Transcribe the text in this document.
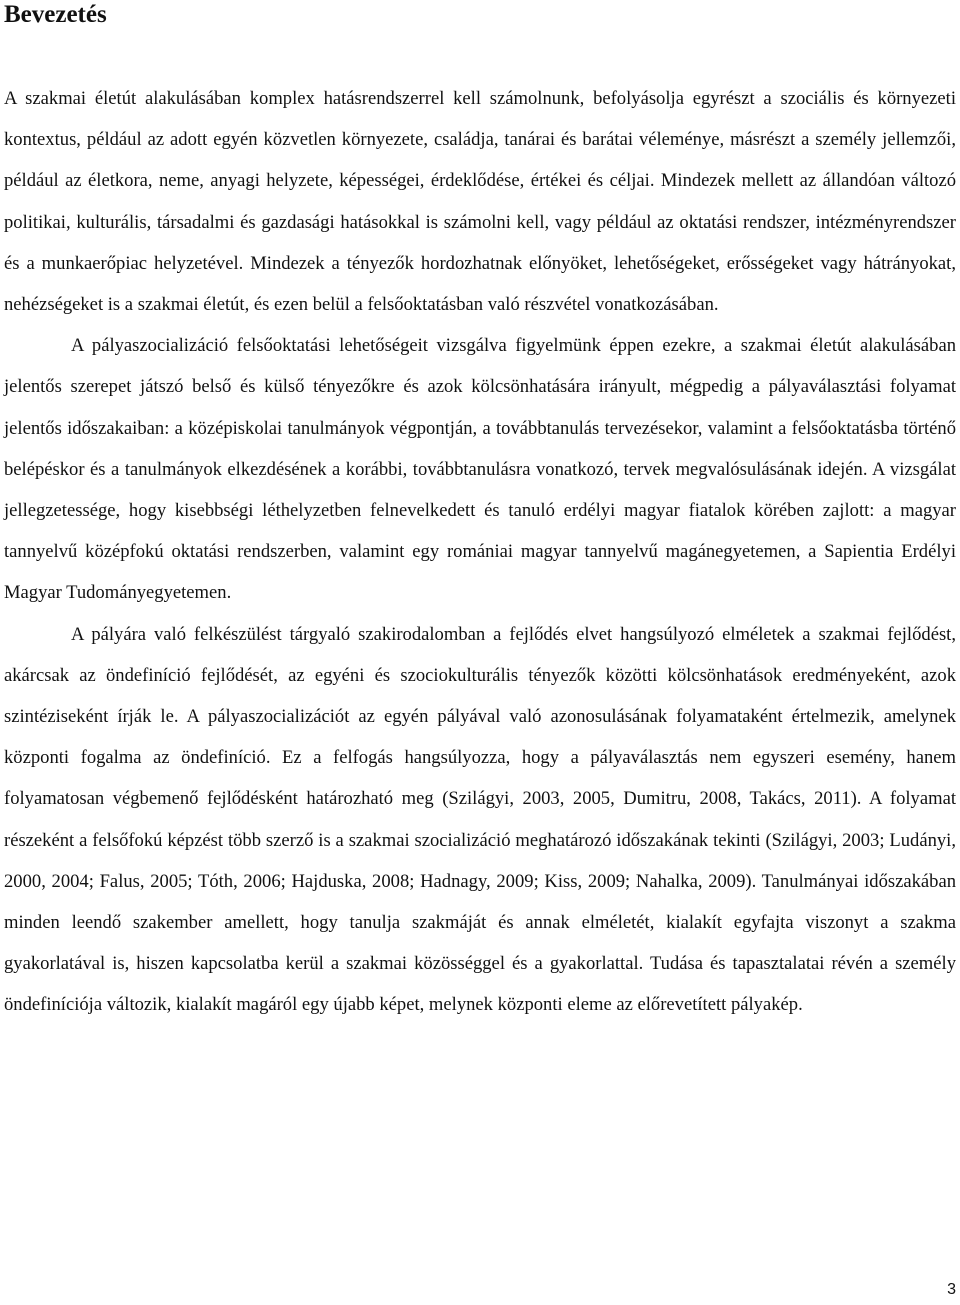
Bevezetés

A szakmai életút alakulásában komplex hatásrendszerrel kell számolnunk, befolyásolja egyrészt a szociális és környezeti kontextus, például az adott egyén közvetlen környezete, családja, tanárai és barátai véleménye, másrészt a személy jellemzői, például az életkora, neme, anyagi helyzete, képességei, érdeklődése, értékei és céljai. Mindezek mellett az állandóan változó politikai, kulturális, társadalmi és gazdasági hatásokkal is számolni kell, vagy például az oktatási rendszer, intézményrendszer és a munkaerőpiac helyzetével. Mindezek a tényezők hordozhatnak előnyöket, lehetőségeket, erősségeket vagy hátrányokat, nehézségeket is a szakmai életút, és ezen belül a felsőoktatásban való részvétel vonatkozásában.

A pályaszocializáció felsőoktatási lehetőségeit vizsgálva figyelmünk éppen ezekre, a szakmai életút alakulásában jelentős szerepet játszó belső és külső tényezőkre és azok kölcsönhatására irányult, mégpedig a pályaválasztási folyamat jelentős időszakaiban: a középiskolai tanulmányok végpontján, a továbbtanulás tervezésekor, valamint a felsőoktatásba történő belépéskor és a tanulmányok elkezdésének a korábbi, továbbtanulásra vonatkozó, tervek megvalósulásának idején. A vizsgálat jellegzetessége, hogy kisebbségi léthelyzetben felnevelkedett és tanuló erdélyi magyar fiatalok körében zajlott: a magyar tannyelvű középfokú oktatási rendszerben, valamint egy romániai magyar tannyelvű magánegyetemen, a Sapientia Erdélyi Magyar Tudományegyetemen.

A pályára való felkészülést tárgyaló szakirodalomban a fejlődés elvet hangsúlyozó elméletek a szakmai fejlődést, akárcsak az öndefiníció fejlődését, az egyéni és szociokulturális tényezők közötti kölcsönhatások eredményeként, azok szintéziseként írják le. A pályaszocializációt az egyén pályával való azonosulásának folyamataként értelmezik, amelynek központi fogalma az öndefiníció. Ez a felfogás hangsúlyozza, hogy a pályaválasztás nem egyszeri esemény, hanem folyamatosan végbemenő fejlődésként határozható meg (Szilágyi, 2003, 2005, Dumitru, 2008, Takács, 2011). A folyamat részeként a felsőfokú képzést több szerző is a szakmai szocializáció meghatározó időszakának tekinti (Szilágyi, 2003; Ludányi, 2000, 2004; Falus, 2005; Tóth, 2006; Hajduska, 2008; Hadnagy, 2009; Kiss, 2009; Nahalka, 2009). Tanulmányai időszakában minden leendő szakember amellett, hogy tanulja szakmáját és annak elméletét, kialakít egyfajta viszonyt a szakma gyakorlatával is, hiszen kapcsolatba kerül a szakmai közösséggel és a gyakorlattal. Tudása és tapasztalatai révén a személy öndefiníciója változik, kialakít magáról egy újabb képet, melynek központi eleme az előrevetített pályakép.

3
